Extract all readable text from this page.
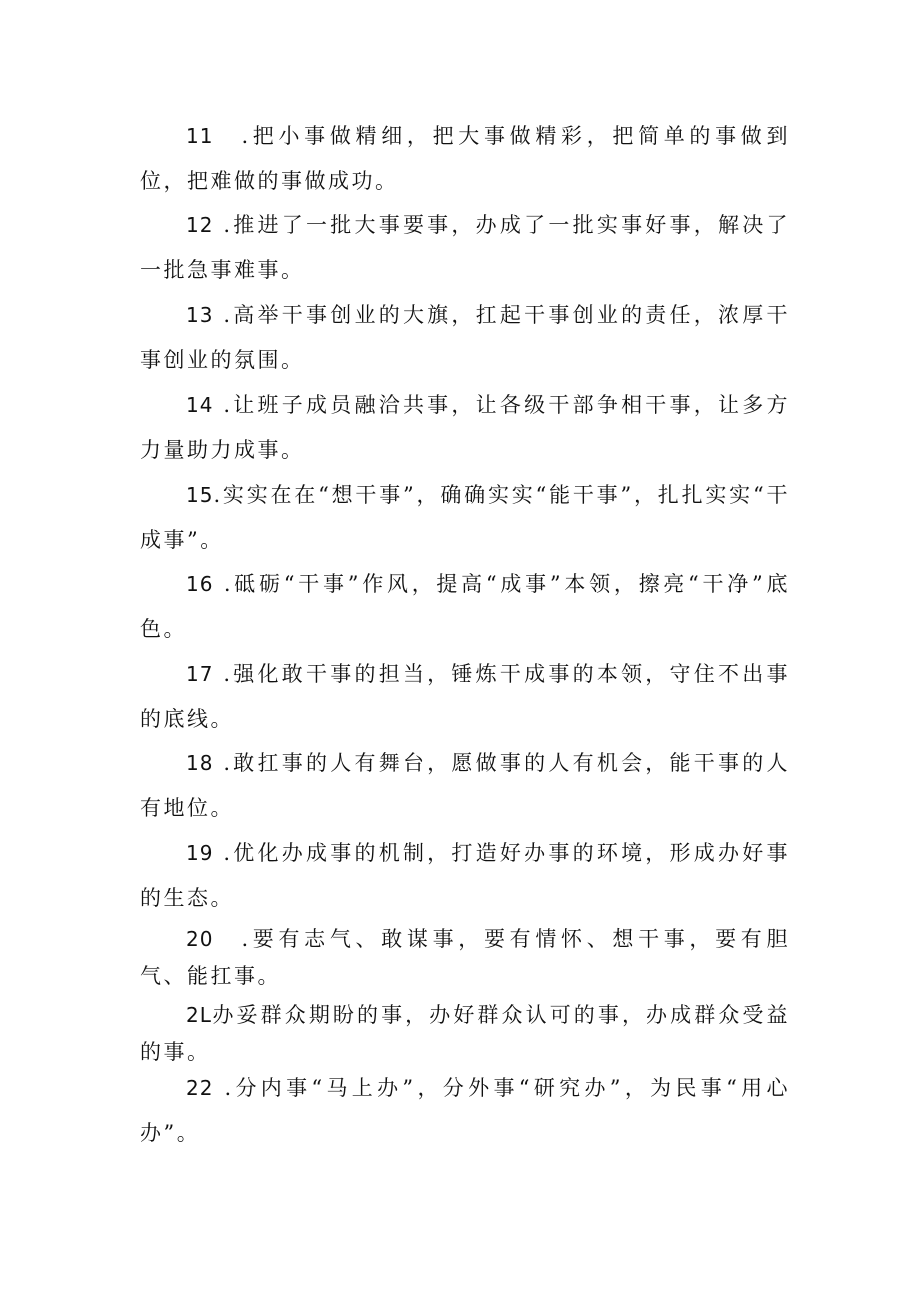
11 .把小事做精细，把大事做精彩，把简单的事做到位，把难做的事做成功。

12 .推进了一批大事要事，办成了一批实事好事，解决了一批急事难事。

13 .高举干事创业的大旗，扛起干事创业的责任，浓厚干事创业的氛围。

14 .让班子成员融洽共事，让各级干部争相干事，让多方力量助力成事。

15.实实在在“想干事”，确确实实“能干事”，扎扎实实“干成事”。

16 .砥砺“干事”作风，提高“成事”本领，擦亮“干净”底色。

17 .强化敢干事的担当，锤炼干成事的本领，守住不出事的底线。

18 .敢扛事的人有舞台，愿做事的人有机会，能干事的人有地位。

19 .优化办成事的机制，打造好办事的环境，形成办好事的生态。

20 .要有志气、敢谋事，要有情怀、想干事，要有胆气、能扛事。

2L办妥群众期盼的事，办好群众认可的事，办成群众受益的事。

22 .分内事“马上办”，分外事“研究办”，为民事“用心办”。
